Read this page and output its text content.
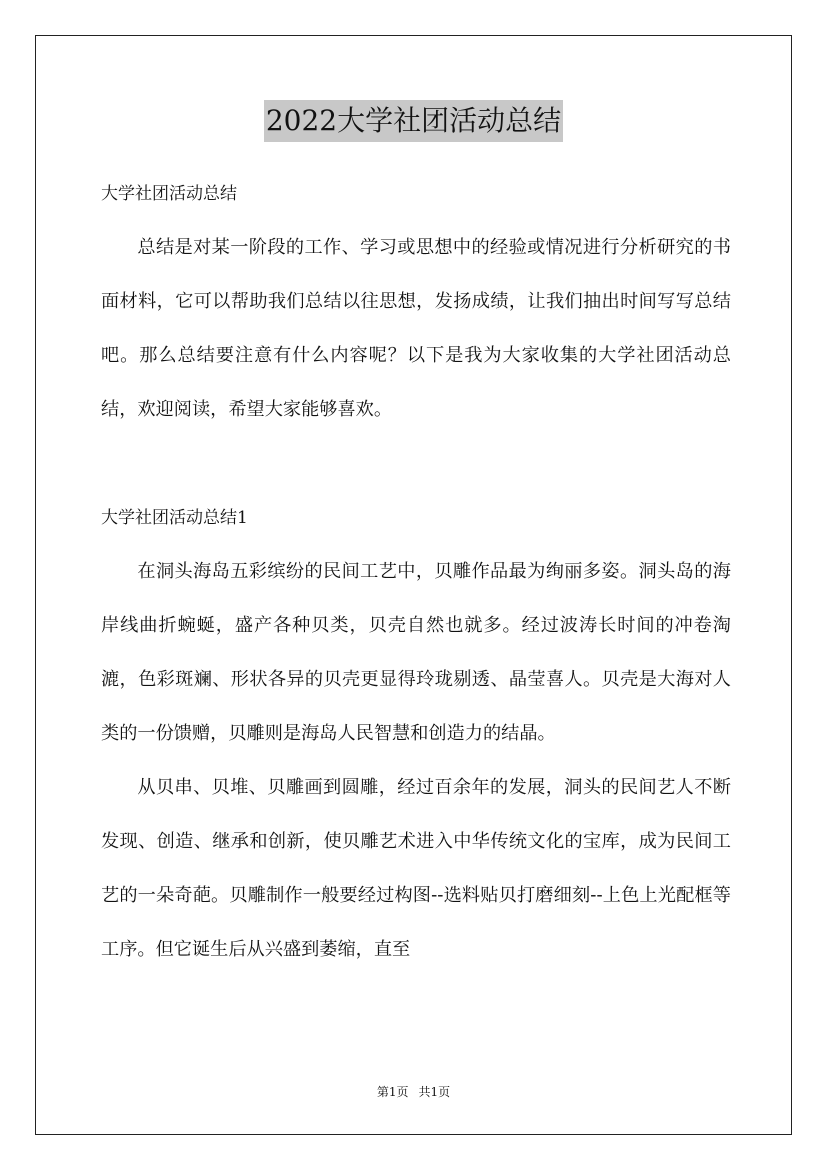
2022大学社团活动总结
大学社团活动总结

总结是对某一阶段的工作、学习或思想中的经验或情况进行分析研究的书面材料，它可以帮助我们总结以往思想，发扬成绩，让我们抽出时间写写总结吧。那么总结要注意有什么内容呢？以下是我为大家收集的大学社团活动总结，欢迎阅读，希望大家能够喜欢。

大学社团活动总结1

在洞头海岛五彩缤纷的民间工艺中，贝雕作品最为绚丽多姿。洞头岛的海岸线曲折蜿蜒，盛产各种贝类，贝壳自然也就多。经过波涛长时间的冲卷淘漉，色彩斑斓、形状各异的贝壳更显得玲珑剔透、晶莹喜人。贝壳是大海对人类的一份馈赠，贝雕则是海岛人民智慧和创造力的结晶。

从贝串、贝堆、贝雕画到圆雕，经过百余年的发展，洞头的民间艺人不断发现、创造、继承和创新，使贝雕艺术进入中华传统文化的宝库，成为民间工艺的一朵奇葩。贝雕制作一般要经过构图--选料贴贝打磨细刻--上色上光配框等工序。但它诞生后从兴盛到萎缩，直至

第1页 共1页
